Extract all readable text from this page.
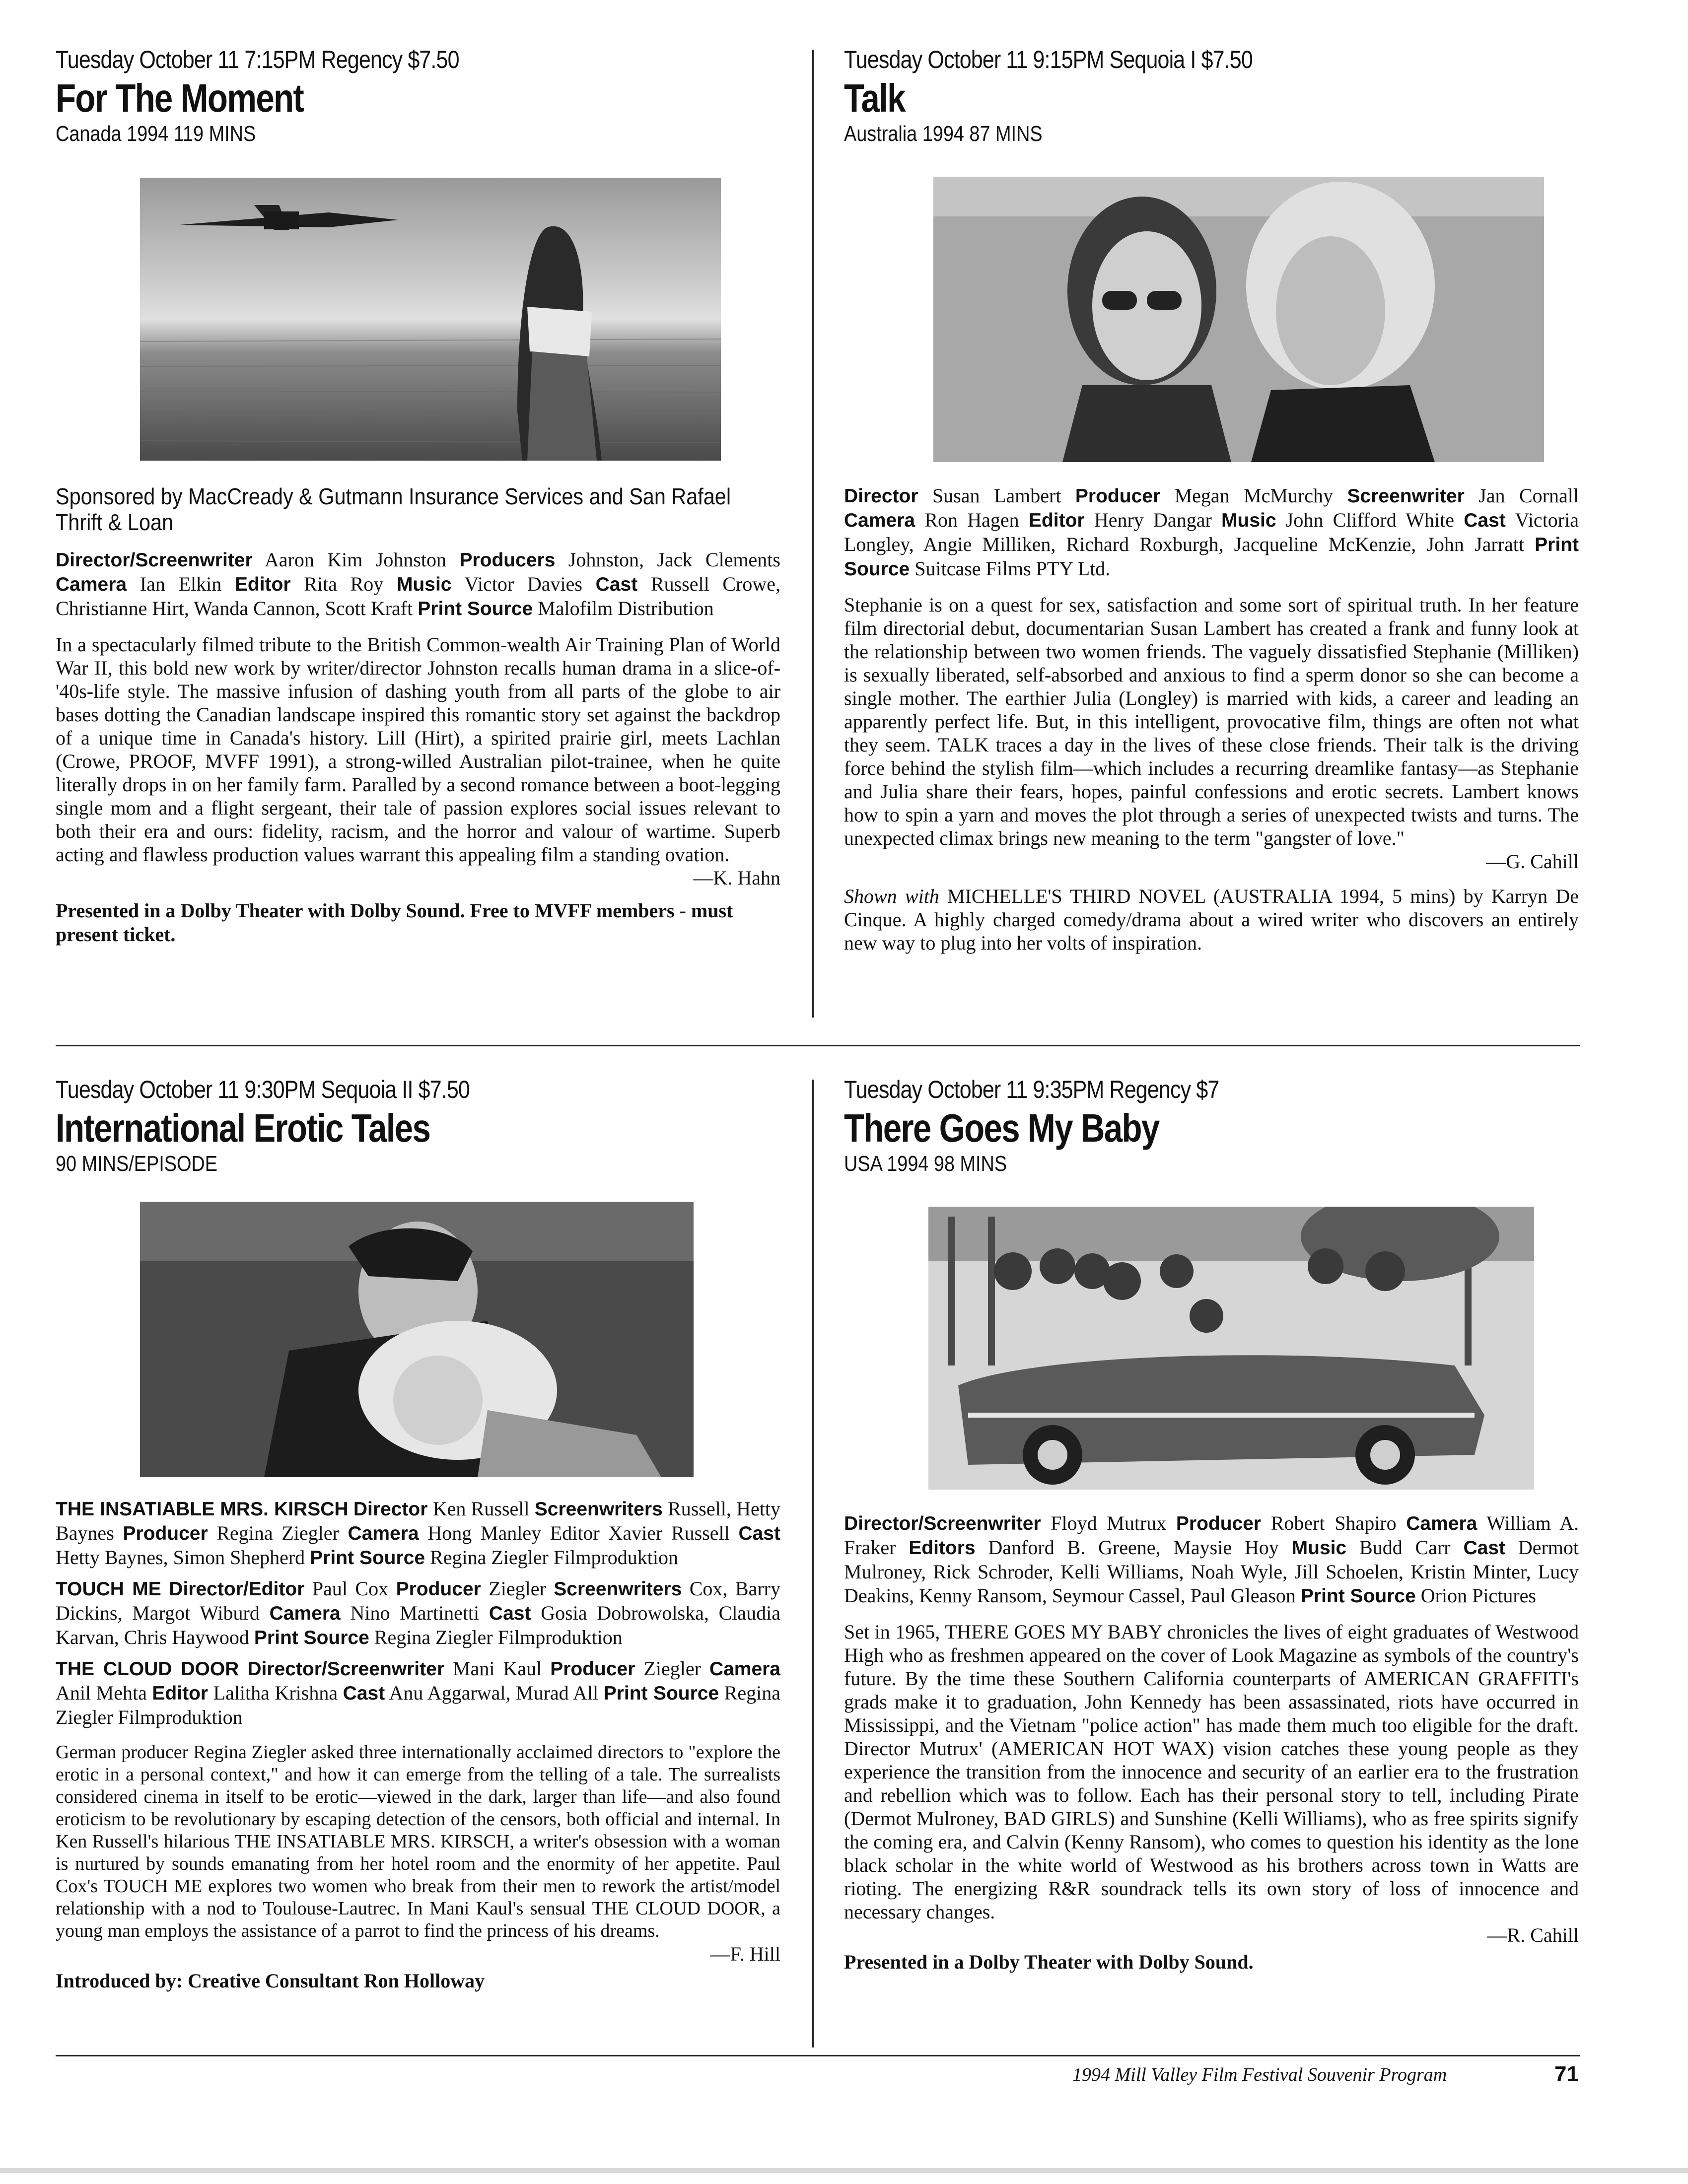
Tuesday October 11 7:15PM Regency $7.50
For The Moment
Canada 1994 119 MINS
Sponsored by MacCready & Gutmann Insurance Services and San Rafael Thrift & Loan
Director/Screenwriter Aaron Kim Johnston Producers Johnston, Jack Clements Camera Ian Elkin Editor Rita Roy Music Victor Davies Cast Russell Crowe, Christianne Hirt, Wanda Cannon, Scott Kraft Print Source Malofilm Distribution
In a spectacularly filmed tribute to the British Common-wealth Air Training Plan of World War II, this bold new work by writer/director Johnston recalls human drama in a slice-of-'40s-life style. The massive infusion of dashing youth from all parts of the globe to air bases dotting the Canadian landscape inspired this romantic story set against the backdrop of a unique time in Canada's history. Lill (Hirt), a spirited prairie girl, meets Lachlan (Crowe, PROOF, MVFF 1991), a strong-willed Australian pilot-trainee, when he quite literally drops in on her family farm. Paralled by a second romance between a boot-legging single mom and a flight sergeant, their tale of passion explores social issues relevant to both their era and ours: fidelity, racism, and the horror and valour of wartime. Superb acting and flawless production values warrant this appealing film a standing ovation.
—K. Hahn
Presented in a Dolby Theater with Dolby Sound. Free to MVFF members - must present ticket.
Tuesday October 11 9:15PM Sequoia I $7.50
Talk
Australia 1994 87 MINS
Director Susan Lambert Producer Megan McMurchy Screenwriter Jan Cornall Camera Ron Hagen Editor Henry Dangar Music John Clifford White Cast Victoria Longley, Angie Milliken, Richard Roxburgh, Jacqueline McKenzie, John Jarratt Print Source Suitcase Films PTY Ltd.
Stephanie is on a quest for sex, satisfaction and some sort of spiritual truth. In her feature film directorial debut, documentarian Susan Lambert has created a frank and funny look at the relationship between two women friends. The vaguely dissatisfied Stephanie (Milliken) is sexually liberated, self-absorbed and anxious to find a sperm donor so she can become a single mother. The earthier Julia (Longley) is married with kids, a career and leading an apparently perfect life. But, in this intelligent, provocative film, things are often not what they seem. TALK traces a day in the lives of these close friends. Their talk is the driving force behind the stylish film—which includes a recurring dreamlike fantasy—as Stephanie and Julia share their fears, hopes, painful confessions and erotic secrets. Lambert knows how to spin a yarn and moves the plot through a series of unexpected twists and turns. The unexpected climax brings new meaning to the term "gangster of love."
—G. Cahill
Shown with MICHELLE'S THIRD NOVEL (AUSTRALIA 1994, 5 mins) by Karryn De Cinque. A highly charged comedy/drama about a wired writer who discovers an entirely new way to plug into her volts of inspiration.
Tuesday October 11 9:30PM Sequoia II $7.50
International Erotic Tales
90 MINS/EPISODE
THE INSATIABLE MRS. KIRSCH Director Ken Russell Screenwriters Russell, Hetty Baynes Producer Regina Ziegler Camera Hong Manley Editor Xavier Russell Cast Hetty Baynes, Simon Shepherd Print Source Regina Ziegler Filmproduktion
TOUCH ME Director/Editor Paul Cox Producer Ziegler Screenwriters Cox, Barry Dickins, Margot Wiburd Camera Nino Martinetti Cast Gosia Dobrowolska, Claudia Karvan, Chris Haywood Print Source Regina Ziegler Filmproduktion
THE CLOUD DOOR Director/Screenwriter Mani Kaul Producer Ziegler Camera Anil Mehta Editor Lalitha Krishna Cast Anu Aggarwal, Murad All Print Source Regina Ziegler Filmproduktion
German producer Regina Ziegler asked three internationally acclaimed directors to "explore the erotic in a personal context," and how it can emerge from the telling of a tale. The surrealists considered cinema in itself to be erotic—viewed in the dark, larger than life—and also found eroticism to be revolutionary by escaping detection of the censors, both official and internal. In Ken Russell's hilarious THE INSATIABLE MRS. KIRSCH, a writer's obsession with a woman is nurtured by sounds emanating from her hotel room and the enormity of her appetite. Paul Cox's TOUCH ME explores two women who break from their men to rework the artist/model relationship with a nod to Toulouse-Lautrec. In Mani Kaul's sensual THE CLOUD DOOR, a young man employs the assistance of a parrot to find the princess of his dreams.
—F. Hill
Introduced by: Creative Consultant Ron Holloway
Tuesday October 11 9:35PM Regency $7
There Goes My Baby
USA 1994 98 MINS
Director/Screenwriter Floyd Mutrux Producer Robert Shapiro Camera William A. Fraker Editors Danford B. Greene, Maysie Hoy Music Budd Carr Cast Dermot Mulroney, Rick Schroder, Kelli Williams, Noah Wyle, Jill Schoelen, Kristin Minter, Lucy Deakins, Kenny Ransom, Seymour Cassel, Paul Gleason Print Source Orion Pictures
Set in 1965, THERE GOES MY BABY chronicles the lives of eight graduates of Westwood High who as freshmen appeared on the cover of Look Magazine as symbols of the country's future. By the time these Southern California counterparts of AMERICAN GRAFFITI's grads make it to graduation, John Kennedy has been assassinated, riots have occurred in Mississippi, and the Vietnam "police action" has made them much too eligible for the draft. Director Mutrux' (AMERICAN HOT WAX) vision catches these young people as they experience the transition from the innocence and security of an earlier era to the frustration and rebellion which was to follow. Each has their personal story to tell, including Pirate (Dermot Mulroney, BAD GIRLS) and Sunshine (Kelli Williams), who as free spirits signify the coming era, and Calvin (Kenny Ransom), who comes to question his identity as the lone black scholar in the white world of Westwood as his brothers across town in Watts are rioting. The energizing R&R soundrack tells its own story of loss of innocence and necessary changes.
—R. Cahill
Presented in a Dolby Theater with Dolby Sound.
1994 Mill Valley Film Festival Souvenir Program	71
